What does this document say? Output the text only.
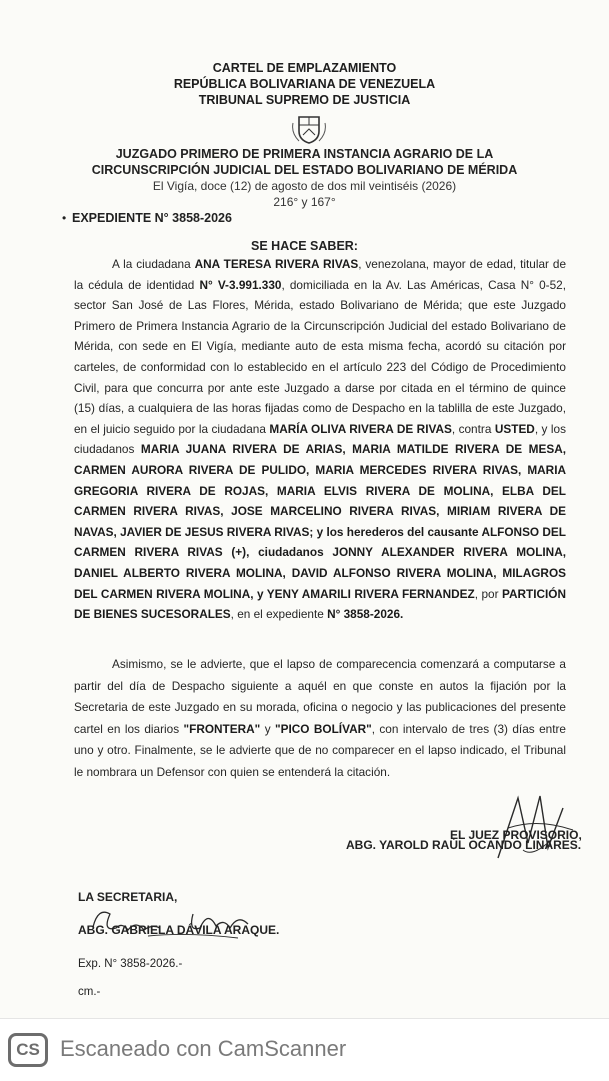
CARTEL DE EMPLAZAMIENTO
REPÚBLICA BOLIVARIANA DE VENEZUELA
TRIBUNAL SUPREMO DE JUSTICIA
JUZGADO PRIMERO DE PRIMERA INSTANCIA AGRARIO DE LA
CIRCUNSCRIPCIÓN JUDICIAL DEL ESTADO BOLIVARIANO DE MÉRIDA
El Vigía, doce (12) de agosto de dos mil veintiséis (2026)
216° y 167°
• EXPEDIENTE N° 3858-2026
SE HACE SABER:
A la ciudadana ANA TERESA RIVERA RIVAS, venezolana, mayor de edad, titular de la cédula de identidad N° V-3.991.330, domiciliada en la Av. Las Américas, Casa N° 0-52, sector San José de Las Flores, Mérida, estado Bolivariano de Mérida; que este Juzgado Primero de Primera Instancia Agrario de la Circunscripción Judicial del estado Bolivariano de Mérida, con sede en El Vigía, mediante auto de esta misma fecha, acordó su citación por carteles, de conformidad con lo establecido en el artículo 223 del Código de Procedimiento Civil, para que concurra por ante este Juzgado a darse por citada en el término de quince (15) días, a cualquiera de las horas fijadas como de Despacho en la tablilla de este Juzgado, en el juicio seguido por la ciudadana MARÍA OLIVA RIVERA DE RIVAS, contra USTED, y los ciudadanos MARIA JUANA RIVERA DE ARIAS, MARIA MATILDE RIVERA DE MESA, CARMEN AURORA RIVERA DE PULIDO, MARIA MERCEDES RIVERA RIVAS, MARIA GREGORIA RIVERA DE ROJAS, MARIA ELVIS RIVERA DE MOLINA, ELBA DEL CARMEN RIVERA RIVAS, JOSE MARCELINO RIVERA RIVAS, MIRIAM RIVERA DE NAVAS, JAVIER DE JESUS RIVERA RIVAS; y los herederos del causante ALFONSO DEL CARMEN RIVERA RIVAS (+), ciudadanos JONNY ALEXANDER RIVERA MOLINA, DANIEL ALBERTO RIVERA MOLINA, DAVID ALFONSO RIVERA MOLINA, MILAGROS DEL CARMEN RIVERA MOLINA, y YENY AMARILI RIVERA FERNANDEZ, por PARTICIÓN DE BIENES SUCESORALES, en el expediente N° 3858-2026.
Asimismo, se le advierte, que el lapso de comparecencia comenzará a computarse a partir del día de Despacho siguiente a aquél en que conste en autos la fijación por la Secretaria de este Juzgado en su morada, oficina o negocio y las publicaciones del presente cartel en los diarios "FRONTERA" y "PICO BOLÍVAR", con intervalo de tres (3) días entre uno y otro. Finalmente, se le advierte que de no comparecer en el lapso indicado, el Tribunal le nombrara un Defensor con quien se entenderá la citación.
EL JUEZ PROVISORIO,
ABG. YAROLD RAÚL OCANDO LINARES.
LA SECRETARIA,
ABG. GABRIELA DÁVILA ARAQUE.
Exp. N° 3858-2026.-
cm.-
CS Escaneado con CamScanner
